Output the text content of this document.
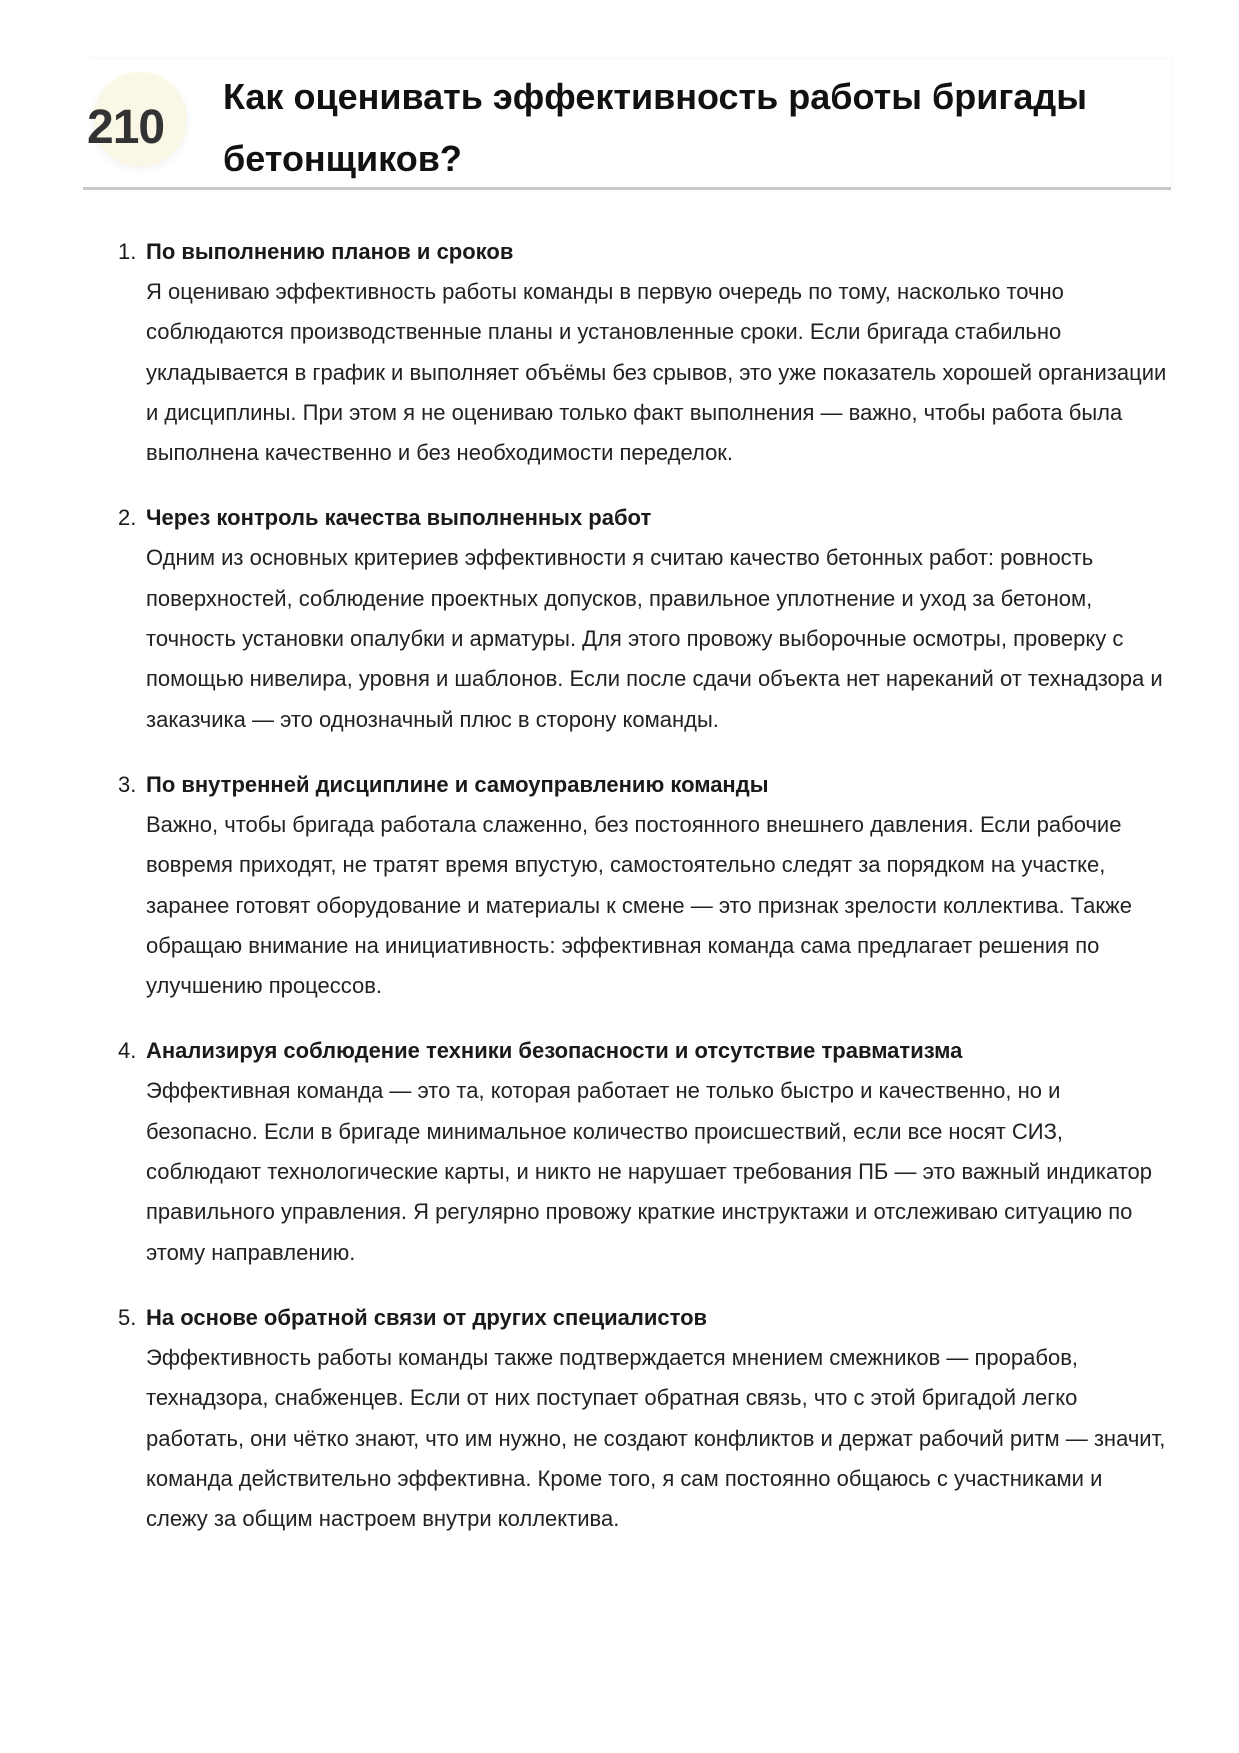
210
Как оценивать эффективность работы бригады бетонщиков?
1. По выполнению планов и сроков
Я оцениваю эффективность работы команды в первую очередь по тому, насколько точно соблюдаются производственные планы и установленные сроки. Если бригада стабильно укладывается в график и выполняет объёмы без срывов, это уже показатель хорошей организации и дисциплины. При этом я не оцениваю только факт выполнения — важно, чтобы работа была выполнена качественно и без необходимости переделок.
2. Через контроль качества выполненных работ
Одним из основных критериев эффективности я считаю качество бетонных работ: ровность поверхностей, соблюдение проектных допусков, правильное уплотнение и уход за бетоном, точность установки опалубки и арматуры. Для этого провожу выборочные осмотры, проверку с помощью нивелира, уровня и шаблонов. Если после сдачи объекта нет нареканий от технадзора и заказчика — это однозначный плюс в сторону команды.
3. По внутренней дисциплине и самоуправлению команды
Важно, чтобы бригада работала слаженно, без постоянного внешнего давления. Если рабочие вовремя приходят, не тратят время впустую, самостоятельно следят за порядком на участке, заранее готовят оборудование и материалы к смене — это признак зрелости коллектива. Также обращаю внимание на инициативность: эффективная команда сама предлагает решения по улучшению процессов.
4. Анализируя соблюдение техники безопасности и отсутствие травматизма
Эффективная команда — это та, которая работает не только быстро и качественно, но и безопасно. Если в бригаде минимальное количество происшествий, если все носят СИЗ, соблюдают технологические карты, и никто не нарушает требования ПБ — это важный индикатор правильного управления. Я регулярно провожу краткие инструктажи и отслеживаю ситуацию по этому направлению.
5. На основе обратной связи от других специалистов
Эффективность работы команды также подтверждается мнением смежников — прорабов, технадзора, снабженцев. Если от них поступает обратная связь, что с этой бригадой легко работать, они чётко знают, что им нужно, не создают конфликтов и держат рабочий ритм — значит, команда действительно эффективна. Кроме того, я сам постоянно общаюсь с участниками и слежу за общим настроем внутри коллектива.
